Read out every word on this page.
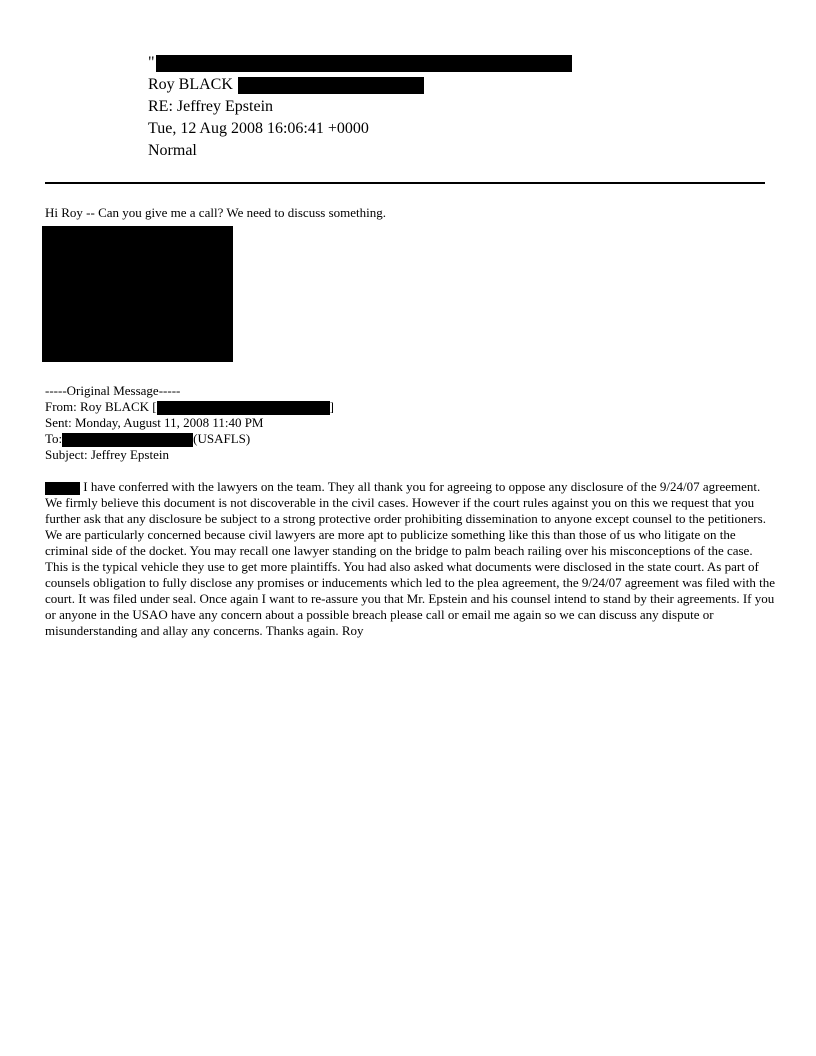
"
Roy BLACK
RE: Jeffrey Epstein
Tue, 12 Aug 2008 16:06:41 +0000
Normal
Hi Roy -- Can you give me a call? We need to discuss something.
-----Original Message-----
From: Roy BLACK [	]
Sent: Monday, August 11, 2008 11:40 PM
To:	(USAFLS)
Subject: Jeffrey Epstein
I have conferred with the lawyers on the team. They all thank you for agreeing to oppose any disclosure of the 9/24/07 agreement. We firmly believe this document is not discoverable in the civil cases. However if the court rules against you on this we request that you further ask that any disclosure be subject to a strong protective order prohibiting dissemination to anyone except counsel to the petitioners. We are particularly concerned because civil lawyers are more apt to publicize something like this than those of us who litigate on the criminal side of the docket. You may recall one lawyer standing on the bridge to palm beach railing over his misconceptions of the case. This is the typical vehicle they use to get more plaintiffs. You had also asked what documents were disclosed in the state court. As part of counsels obligation to fully disclose any promises or inducements which led to the plea agreement, the 9/24/07 agreement was filed with the court. It was filed under seal. Once again I want to re-assure you that Mr. Epstein and his counsel intend to stand by their agreements. If you or anyone in the USAO have any concern about a possible breach please call or email me again so we can discuss any dispute or misunderstanding and allay any concerns. Thanks again. Roy
